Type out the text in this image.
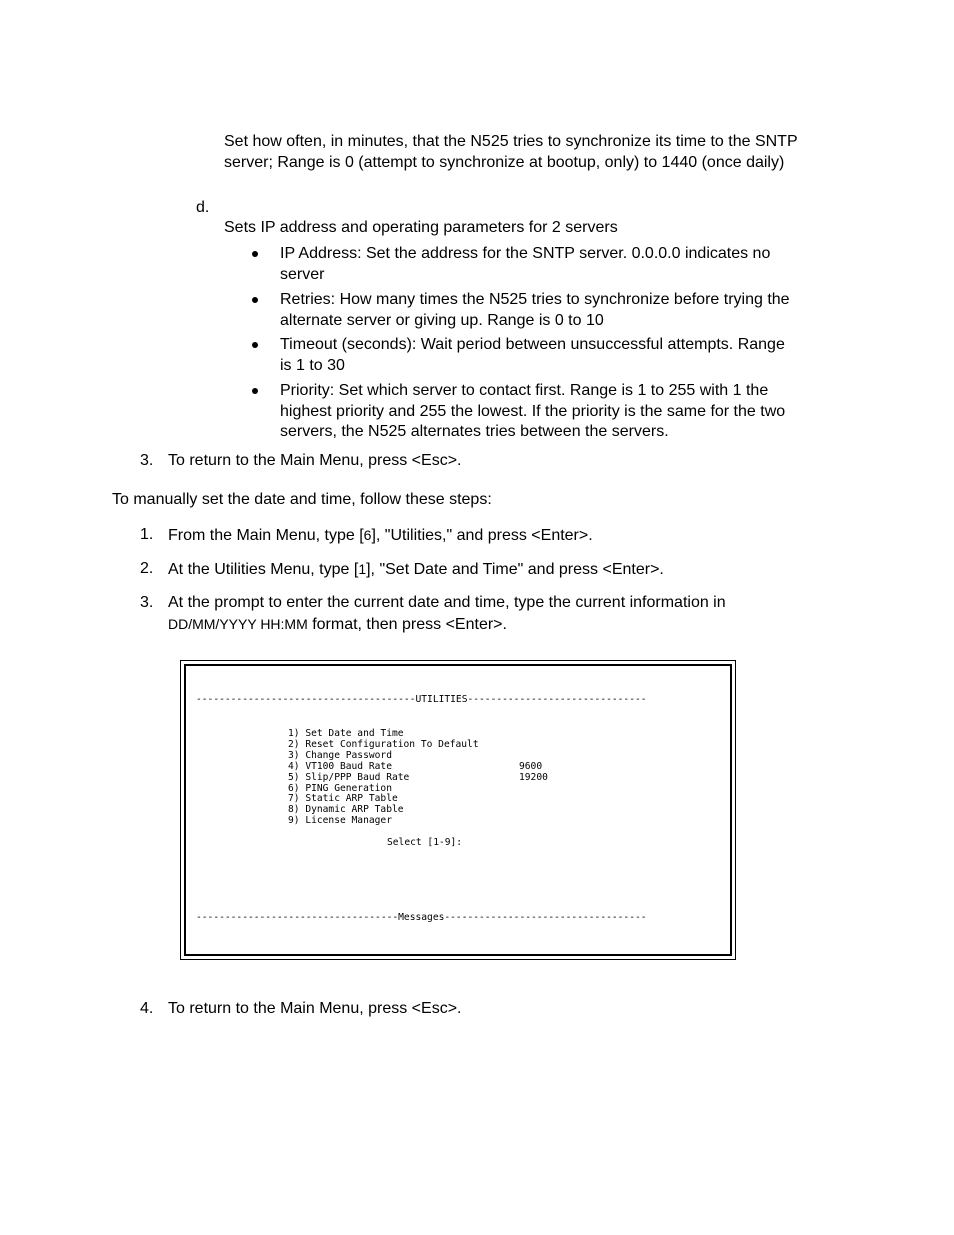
Set how often, in minutes, that the N525 tries to synchronize its time to the SNTP
server; Range is 0 (attempt to synchronize at bootup, only) to 1440 (once daily)
d.
Sets IP address and operating parameters for 2 servers
IP Address: Set the address for the SNTP server. 0.0.0.0 indicates no
server
Retries: How many times the N525 tries to synchronize before trying the
alternate server or giving up. Range is 0 to 10
Timeout (seconds): Wait period between unsuccessful attempts. Range
is 1 to 30
Priority: Set which server to contact first. Range is 1 to 255 with 1 the
highest priority and 255 the lowest. If the priority is the same for the two
servers, the N525 alternates tries between the servers.
3. To return to the Main Menu, press <Esc>.
To manually set the date and time, follow these steps:
1. From the Main Menu, type [6], "Utilities," and press <Enter>.
2. At the Utilities Menu, type [1], "Set Date and Time" and press <Enter>.
3. At the prompt to enter the current date and time, type the current information in
DD/MM/YYYY HH:MM format, then press <Enter>.
--------------------------------------UTILITIES-------------------------------
1) Set Date and Time
2) Reset Configuration To Default
3) Change Password
4) VT100 Baud Rate	9600
5) Slip/PPP Baud Rate	19200
6) PING Generation
7) Static ARP Table
8) Dynamic ARP Table
9) License Manager
Select [1-9]:
-----------------------------------Messages-----------------------------------
4. To return to the Main Menu, press <Esc>.
